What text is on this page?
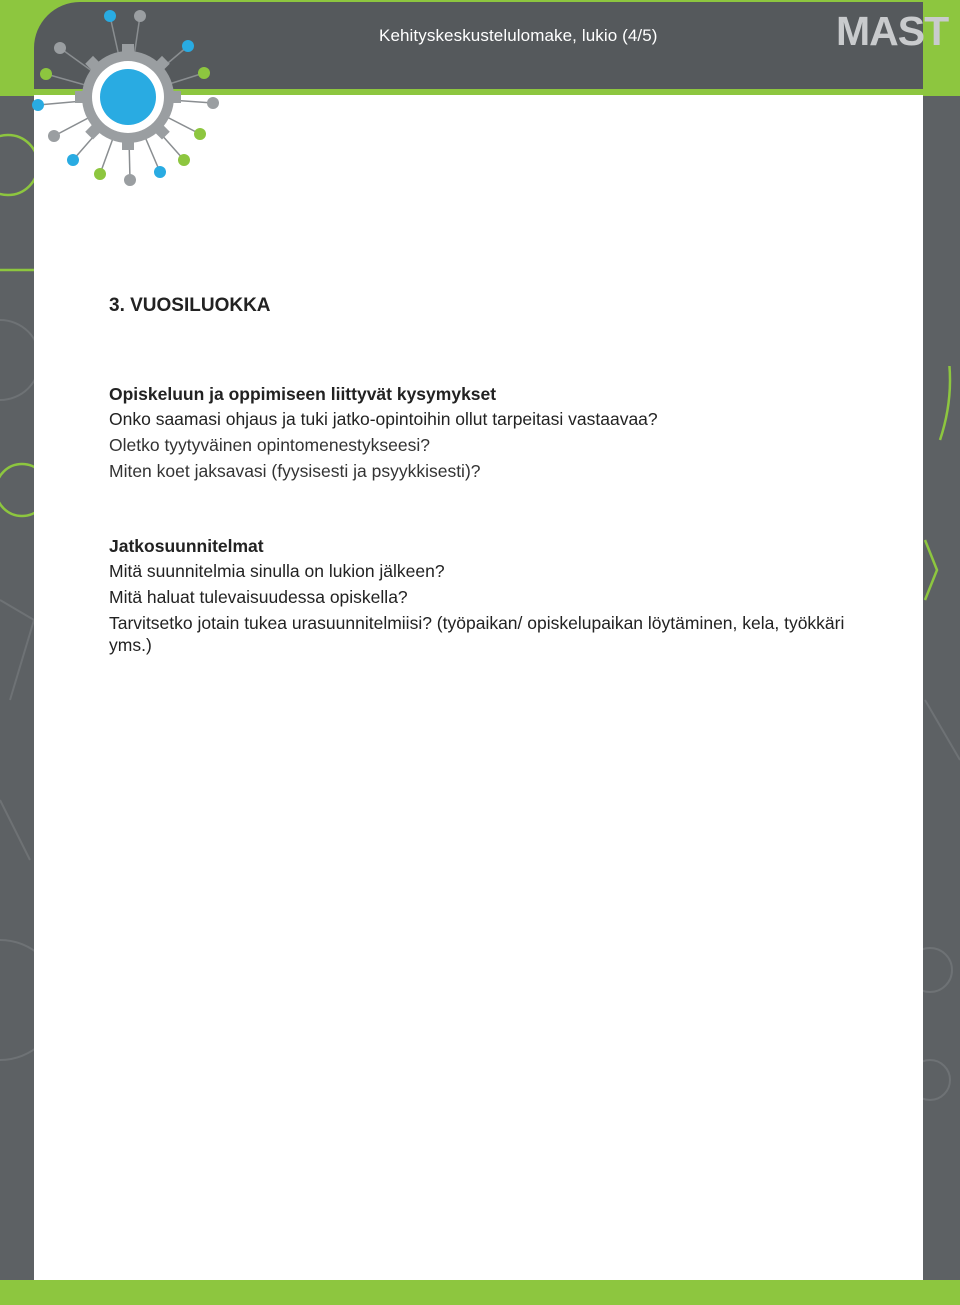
Kehityskeskustelulomake, lukio (4/5)	MAST

3. VUOSILUOKKA

Opiskeluun ja oppimiseen liittyvät kysymykset

Onko saamasi ohjaus ja tuki jatko-opintoihin ollut tarpeitasi vastaavaa?

Oletko tyytyväinen opintomenestykseesi?

Miten koet jaksavasi (fyysisesti ja psyykkisesti)?

Jatkosuunnitelmat

Mitä suunnitelmia sinulla on lukion jälkeen?

Mitä haluat tulevaisuudessa opiskella?

Tarvitsetko jotain tukea urasuunnitelmiisi? (työpaikan/ opiskelupaikan löytäminen, kela, työkkäri yms.)
